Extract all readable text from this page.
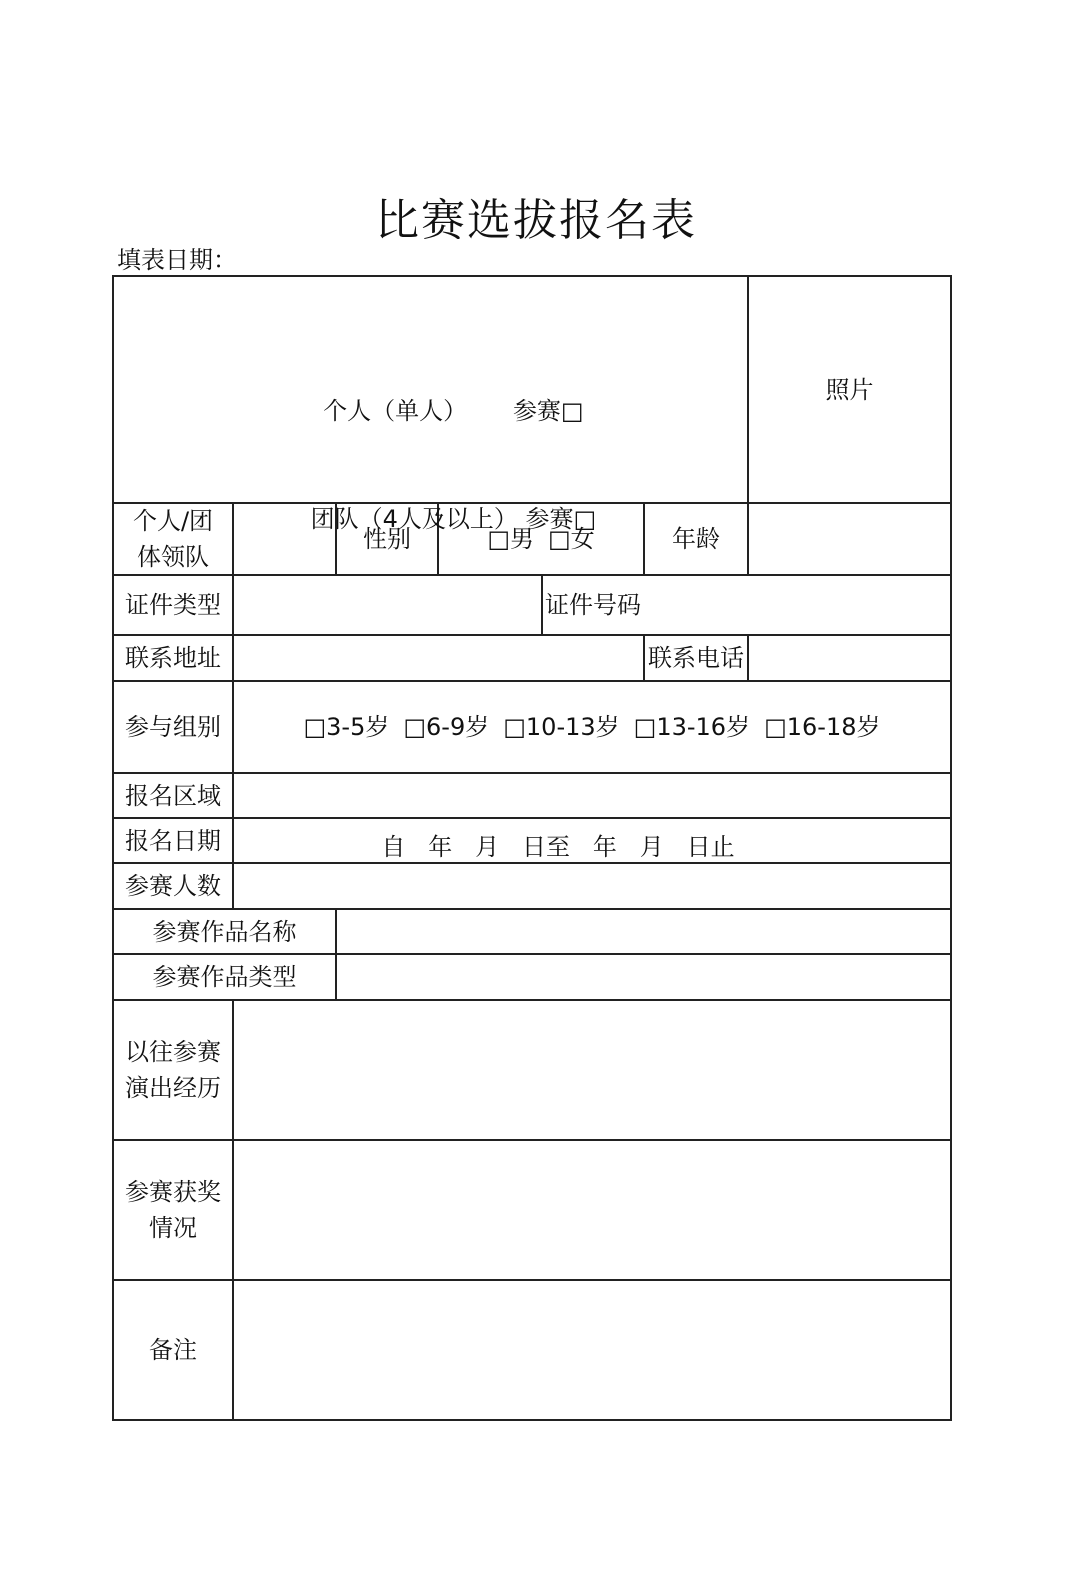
比赛选拔报名表
填表日期：

个人（单人） 参赛□

团队（4人及以上） 参赛□

照片
个人/团
体领队
性别	□男 □女	年龄
证件类型	证件号码
联系地址	联系电话
参与组别	□3-5岁 □6-9岁 □10-13岁 □13-16岁 □16-18岁
报名区域
报名日期	自   年   月   日至   年   月   日止
参赛人数
参赛作品名称
参赛作品类型
以往参赛
演出经历
参赛获奖
情况
备注
